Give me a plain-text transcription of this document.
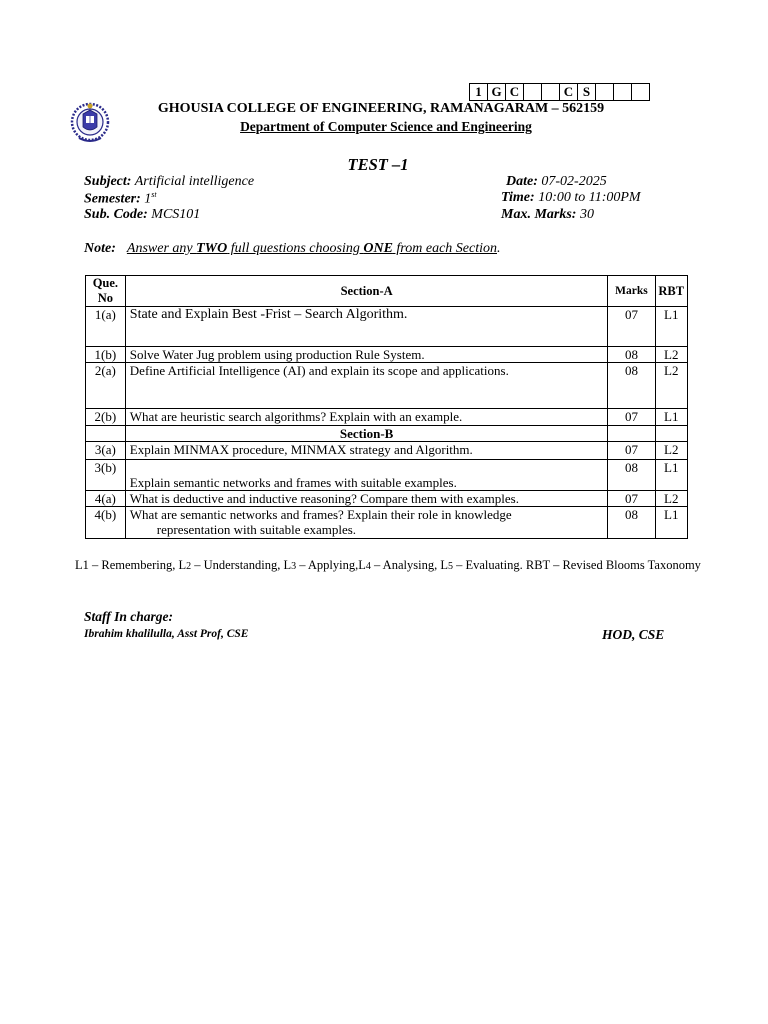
1	G	C			C	S			
GHOUSIA COLLEGE OF ENGINEERING, RAMANAGARAM – 562159
Department of Computer Science and Engineering
TEST –1
Subject: Artificial intelligence
Semester: 1st
Sub. Code: MCS101
Date: 07-02-2025
Time: 10:00 to 11:00PM
Max. Marks: 30
Note: Answer any TWO full questions choosing ONE from each Section.
Que.
No	Section-A	Marks	RBT
1(a)	State and Explain Best -Frist – Search Algorithm.	07	L1
1(b)	Solve Water Jug problem using production Rule System.	08	L2
2(a)	Define Artificial Intelligence (AI) and explain its scope and applications.	08	L2
2(b)	What are heuristic search algorithms? Explain with an example.	07	L1
	Section-B		
3(a)	Explain MINMAX procedure, MINMAX strategy and Algorithm.	07	L2
3(b)	Explain semantic networks and frames with suitable examples.	08	L1
4(a)	What is deductive and inductive reasoning? Compare them with examples.	07	L2
4(b)	What are semantic networks and frames? Explain their role in knowledge
representation with suitable examples.	08	L1
L1 – Remembering, L2 – Understanding, L3 – Applying,L4 – Analysing, L5 – Evaluating. RBT – Revised Blooms Taxonomy
Staff In charge:
Ibrahim khalilulla, Asst Prof, CSE	HOD, CSE
